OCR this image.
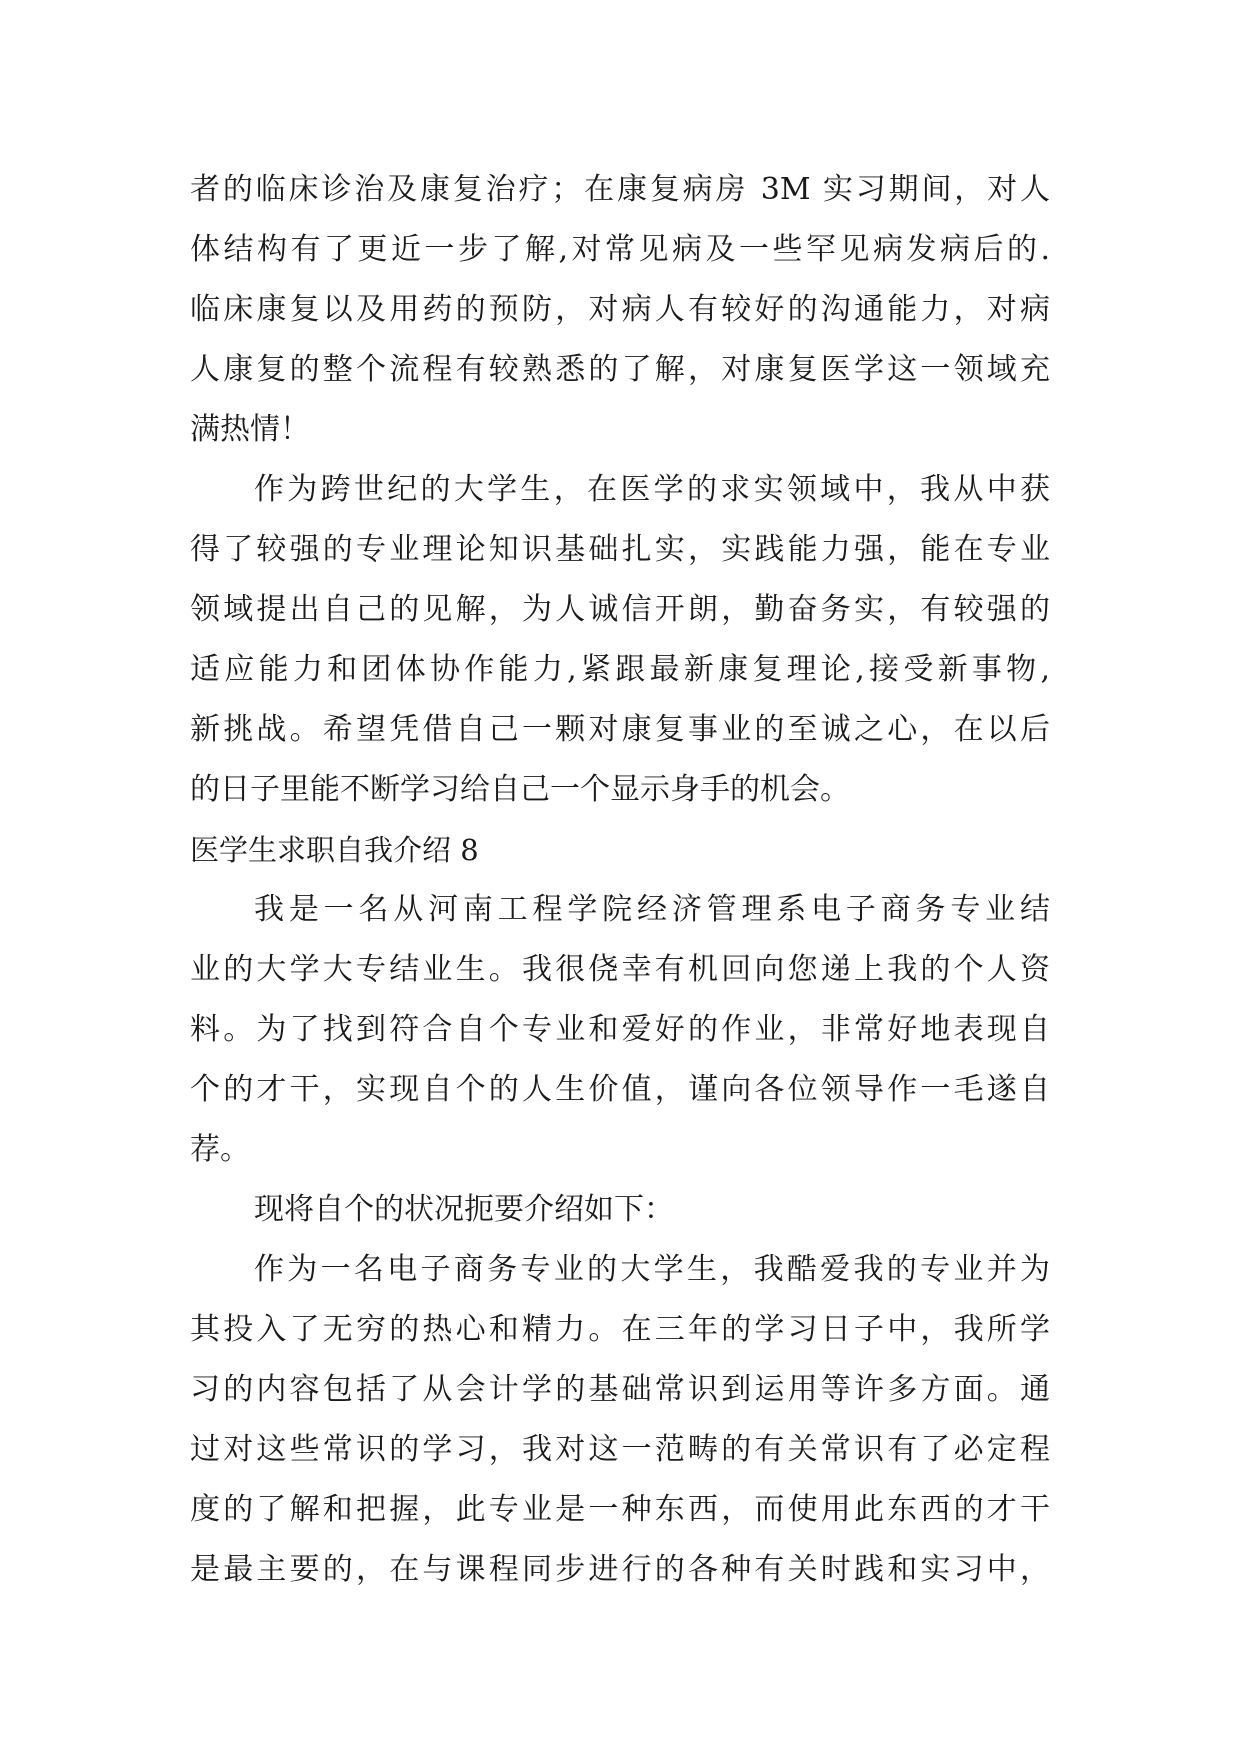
者的临床诊治及康复治疗；在康复病房 3M 实习期间，对人
体结构有了更近一步了解,对常见病及一些罕见病发病后的.
临床康复以及用药的预防，对病人有较好的沟通能力，对病
人康复的整个流程有较熟悉的了解，对康复医学这一领域充
满热情！
作为跨世纪的大学生，在医学的求实领域中，我从中获
得了较强的专业理论知识基础扎实，实践能力强，能在专业
领域提出自己的见解，为人诚信开朗，勤奋务实，有较强的
适应能力和团体协作能力,紧跟最新康复理论,接受新事物,
新挑战。希望凭借自己一颗对康复事业的至诚之心，在以后
的日子里能不断学习给自己一个显示身手的机会。
医学生求职自我介绍 8
我是一名从河南工程学院经济管理系电子商务专业结
业的大学大专结业生。我很侥幸有机回向您递上我的个人资
料。为了找到符合自个专业和爱好的作业，非常好地表现自
个的才干，实现自个的人生价值，谨向各位领导作一毛遂自
荐。
现将自个的状况扼要介绍如下：
作为一名电子商务专业的大学生，我酷爱我的专业并为
其投入了无穷的热心和精力。在三年的学习日子中，我所学
习的内容包括了从会计学的基础常识到运用等许多方面。通
过对这些常识的学习，我对这一范畴的有关常识有了必定程
度的了解和把握，此专业是一种东西，而使用此东西的才干
是最主要的，在与课程同步进行的各种有关时践和实习中，
